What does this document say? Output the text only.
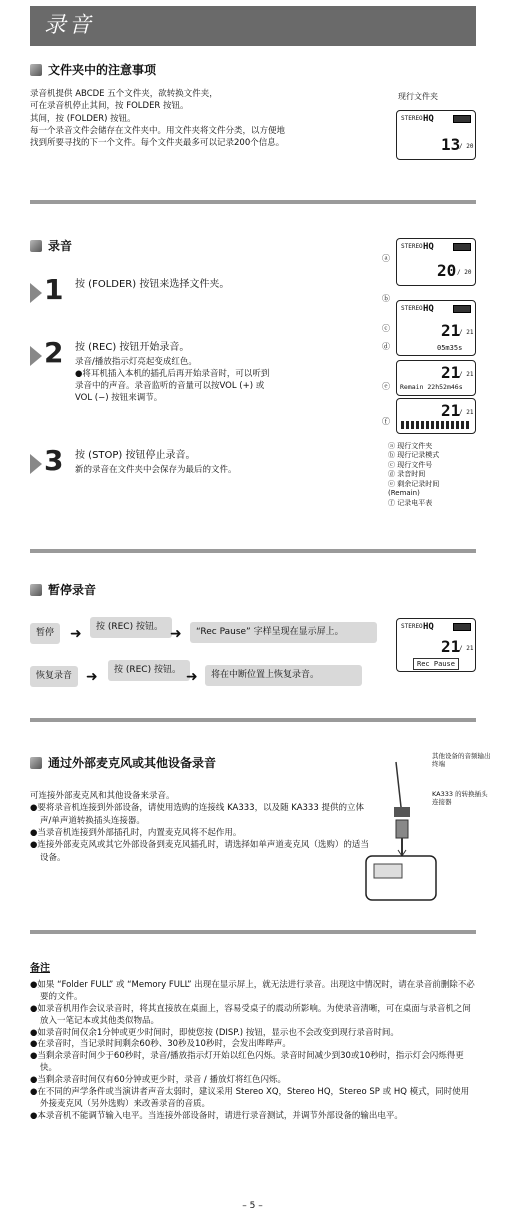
录音
文件夹中的注意事项
录音机提供 ABCDE 五个文件夹，欲转换文件夹，
可在录音机停止其间，按 FOLDER 按钮。
其间，按 (FOLDER) 按钮。
每一个录音文件会储存在文件夹中。用文件夹将文件分类，以方便地
找到所要寻找的下一个文件。每个文件夹最多可以记录200个信息。
现行文件夹
STEREO HQ
13
/ 20
录音
1 按 (FOLDER) 按钮来选择文件夹。
2 按 (REC) 按钮开始录音。
录音/播放指示灯亮起变成红色。
●将耳机插入本机的插孔后再开始录音时，可以听到
录音中的声音。录音监听的音量可以按VOL (+) 或
VOL (−) 按钮来调节。
3 按 (STOP) 按钮停止录音。
新的录音在文件夹中会保存为最后的文件。
STEREO HQ
20 / 20
ⓐ
ⓑ
STEREO HQ
21
/ 21
05m35s
ⓒ
ⓓ
21
/ 21
Remain 22h52m46s
ⓔ
21
/ 21
ⓕ
ⓐ 现行文件夹
ⓑ 现行记录模式
ⓒ 现行文件号
ⓓ 录音时间
ⓔ 剩余记录时间
(Remain)
ⓕ 记录电平表
暂停录音
暂停	➜	按 (REC) 按钮。 ➜	“Rec Pause” 字样呈现在显示屏上。
恢复录音 ➜	按 (REC) 按钮。 ➜	将在中断位置上恢复录音。
STEREO HQ
21
/ 21
Rec Pause
通过外部麦克风或其他设备录音
可连接外部麦克风和其他设备来录音。
●要将录音机连接到外部设备，请使用选购的连接线 KA333，以及随 KA333 提供的立体声/单声道转换插头连接器。
●当录音机连接到外部插孔时，内置麦克风将不起作用。
●连接外部麦克风或其它外部设备到麦克风插孔时，请选择如单声道麦克风（选购）的适当设备。
其他设备的音频输出终端
KA333 的转换插头连接器
备注
●如果 “Folder FULL” 或 “Memory FULL” 出现在显示屏上，就无法进行录音。出现这中情况时，请在录音前删除不必要的文件。
●如录音机用作会议录音时，将其直接放在桌面上，容易受桌子的震动所影响。为使录音清晰，可在桌面与录音机之间放入一笔记本或其他类似物品。
●如录音时间仅余1分钟或更少时间时，即使您按 (DISP.) 按钮，显示也不会改变到现行录音时间。
●在录音时，当记录时间剩余60秒、30秒及10秒时，会发出哔哔声。
●当剩余录音时间少于60秒时，录音/播放指示灯开始以红色闪烁。录音时间减少到30或10秒时，指示灯会闪烁得更快。
●当剩余录音时间仅有60分钟或更少时，录音 / 播放灯将红色闪烁。
●在不同的声学条件或当演讲者声音太弱时，建议采用 Stereo XQ，Stereo HQ，Stereo SP 或 HQ 模式，同时使用外接麦克风（另外选购）来改善录音的音质。
●本录音机不能调节输入电平。当连接外部设备时，请进行录音测试，并调节外部设备的输出电平。
– 5 –
